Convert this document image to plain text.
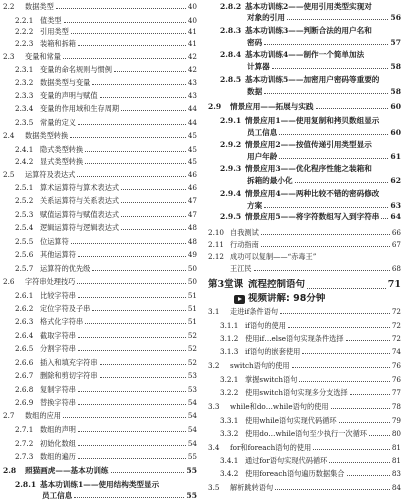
2.2	数据类型	40
2.2.1 值类型	40
2.2.2 引用类型	41
2.2.3 装箱和拆箱	41
2.3	变量和常量	42
2.3.1 变量的命名规则与惯例	42
2.3.2 数据类型与变量	43
2.3.3 变量的声明与赋值	43
2.3.4 变量的作用域和生存周期	44
2.3.5 常量的定义	44
2.4	数据类型转换	45
2.4.1 隐式类型转换	45
2.4.2 显式类型转换	45
2.5	运算符及表达式	46
2.5.1 算术运算符与算术表达式	46
2.5.2 关系运算符与关系表达式	47
2.5.3 赋值运算符与赋值表达式	47
2.5.4 逻辑运算符与逻辑表达式	48
2.5.5 位运算符	48
2.5.6 其他运算符	49
2.5.7 运算符的优先级	50
2.6	字符串处理技巧	50
2.6.1 比较字符串	51
2.6.2 定位字符及子串	51
2.6.3 格式化字符串	51
2.6.4 截取字符串	52
2.6.5 分割字符串	52
2.6.6 插入和填充字符串	52
2.6.7 删除和剪切字符串	53
2.6.8 复制字符串	53
2.6.9 替换字符串	54
2.7	数组的应用	54
2.7.1 数组的声明	54
2.7.2 初始化数组	54
2.7.3 数组的遍历	55
2.8	照猫画虎——基本功训练	55
2.8.1 基本功训练1——使用结构类型显示
员工信息	55
2.8.2 基本功训练2——使用引用类型实现对
对象的引用	56
2.8.3 基本功训练3——判断合法的用户名和
密码	57
2.8.4 基本功训练4——制作一个简单加法
计算器	58
2.8.5 基本功训练5——加密用户密码等重要的
数据	58
2.9	情景应用——拓展与实践	60
2.9.1 情景应用1——使用复制和拷贝数组显示
员工信息	60
2.9.2 情景应用2——按值传递引用类型显示
用户年龄	61
2.9.3 情景应用3——优化程序性能之装箱和
拆箱的最小化	62
2.9.4 情景应用4——两种比较不错的密码修改
方案	63
2.9.5 情景应用5——将字符数组写入到字符串 64
2.10 自我测试	66
2.11 行动指南	67
2.12 成功可以复制——“赤毒王”
王江民	68
第3堂课 流程控制语句	71
视频讲解: 98分钟
3.1	走进if条件语句	72
3.1.1 if语句的使用	72
3.1.2 使用if…else语句实现条件选择	72
3.1.3 if语句的嵌套使用	74
3.2	switch语句的使用	76
3.2.1 掌握switch语句	76
3.2.2 使用switch语句实现多分支选择	77
3.3	while和do…while语句的使用	78
3.3.1 使用while语句实现代码循环	79
3.3.2 使用do…while语句至少执行一次循环	80
3.4	for和foreach语句的使用	81
3.4.1 通过for语句实现代码循环	81
3.4.2 使用foreach语句遍历数据集合	83
3.5	解析跳转语句	84
